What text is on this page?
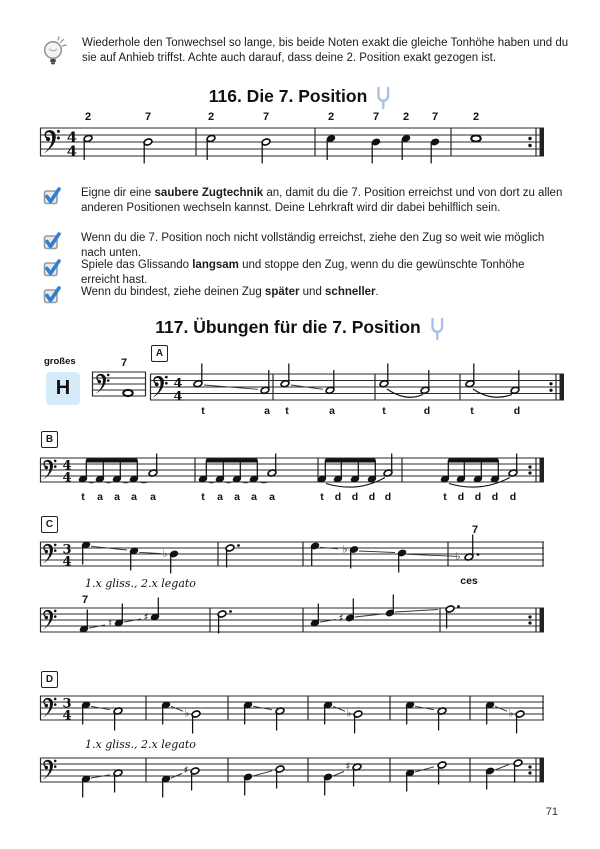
Wiederhole den Tonwechsel so lange, bis beide Noten exakt die gleiche Tonhöhe haben und du sie auf Anhieb triffst. Achte auch darauf, dass deine 2. Position exakt gezogen ist.
116. Die 7. Position
4
4
2	7	2	7	2	7 2 7	2
Eigne dir eine saubere Zugtechnik an, damit du die 7. Position erreichst und von dort zu allen anderen Positionen wechseln kannst. Deine Lehrkraft wird dir dabei behilflich sein.
Wenn du die 7. Position noch nicht vollständig erreichst, ziehe den Zug so weit wie möglich nach unten.
Spiele das Glissando langsam und stoppe den Zug, wenn du die gewünschte Tonhöhe erreicht hast.
Wenn du bindest, ziehe deinen Zug später und schneller.
117. Übungen für die 7. Position
großes
H
7
A
4
4
t	a t	a	t	d	t	d
B
4
4
t a a a a	t a a a a	t d d d d	t d d d d
C
3
4
♭	♭
♭
7
ces
1.x gliss., 2.x legato
7
♮	♯	♯
D
3
4	♭	♭	♭
1.x gliss., 2.x legato
♯	♯
71
